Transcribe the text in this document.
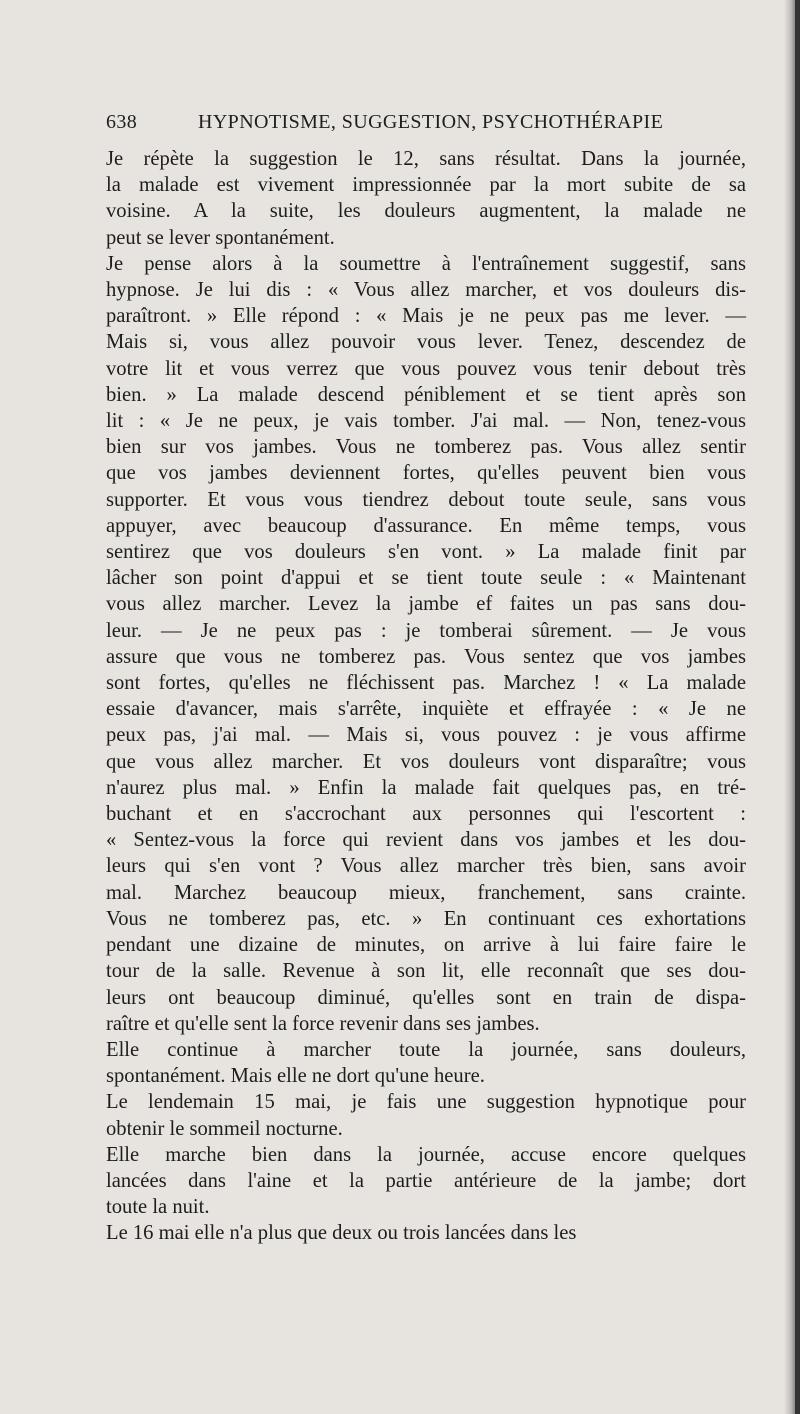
638	HYPNOTISME, SUGGESTION, PSYCHOTHÉRAPIE

Je répète la suggestion le 12, sans résultat. Dans la journée,
la malade est vivement impressionnée par la mort subite de sa
voisine. A la suite, les douleurs augmentent, la malade ne
peut se lever spontanément.

Je pense alors à la soumettre à l'entraînement suggestif, sans
hypnose. Je lui dis : « Vous allez marcher, et vos douleurs dis-
paraîtront. » Elle répond : « Mais je ne peux pas me lever. —
Mais si, vous allez pouvoir vous lever. Tenez, descendez de
votre lit et vous verrez que vous pouvez vous tenir debout très
bien. » La malade descend péniblement et se tient après son
lit : « Je ne peux, je vais tomber. J'ai mal. — Non, tenez-vous
bien sur vos jambes. Vous ne tomberez pas. Vous allez sentir
que vos jambes deviennent fortes, qu'elles peuvent bien vous
supporter. Et vous vous tiendrez debout toute seule, sans vous
appuyer, avec beaucoup d'assurance. En même temps, vous
sentirez que vos douleurs s'en vont. » La malade finit par
lâcher son point d'appui et se tient toute seule : « Maintenant
vous allez marcher. Levez la jambe ef faites un pas sans dou-
leur. — Je ne peux pas : je tomberai sûrement. — Je vous
assure que vous ne tomberez pas. Vous sentez que vos jambes
sont fortes, qu'elles ne fléchissent pas. Marchez ! « La malade
essaie d'avancer, mais s'arrête, inquiète et effrayée : « Je ne
peux pas, j'ai mal. — Mais si, vous pouvez : je vous affirme
que vous allez marcher. Et vos douleurs vont disparaître; vous
n'aurez plus mal. » Enfin la malade fait quelques pas, en tré-
buchant et en s'accrochant aux personnes qui l'escortent :
« Sentez-vous la force qui revient dans vos jambes et les dou-
leurs qui s'en vont ? Vous allez marcher très bien, sans avoir
mal. Marchez beaucoup mieux, franchement, sans crainte.
Vous ne tomberez pas, etc. » En continuant ces exhortations
pendant une dizaine de minutes, on arrive à lui faire faire le
tour de la salle. Revenue à son lit, elle reconnaît que ses dou-
leurs ont beaucoup diminué, qu'elles sont en train de dispa-
raître et qu'elle sent la force revenir dans ses jambes.

Elle continue à marcher toute la journée, sans douleurs,
spontanément. Mais elle ne dort qu'une heure.

Le lendemain 15 mai, je fais une suggestion hypnotique pour
obtenir le sommeil nocturne.

Elle marche bien dans la journée, accuse encore quelques
lancées dans l'aine et la partie antérieure de la jambe; dort
toute la nuit.

Le 16 mai elle n'a plus que deux ou trois lancées dans les
